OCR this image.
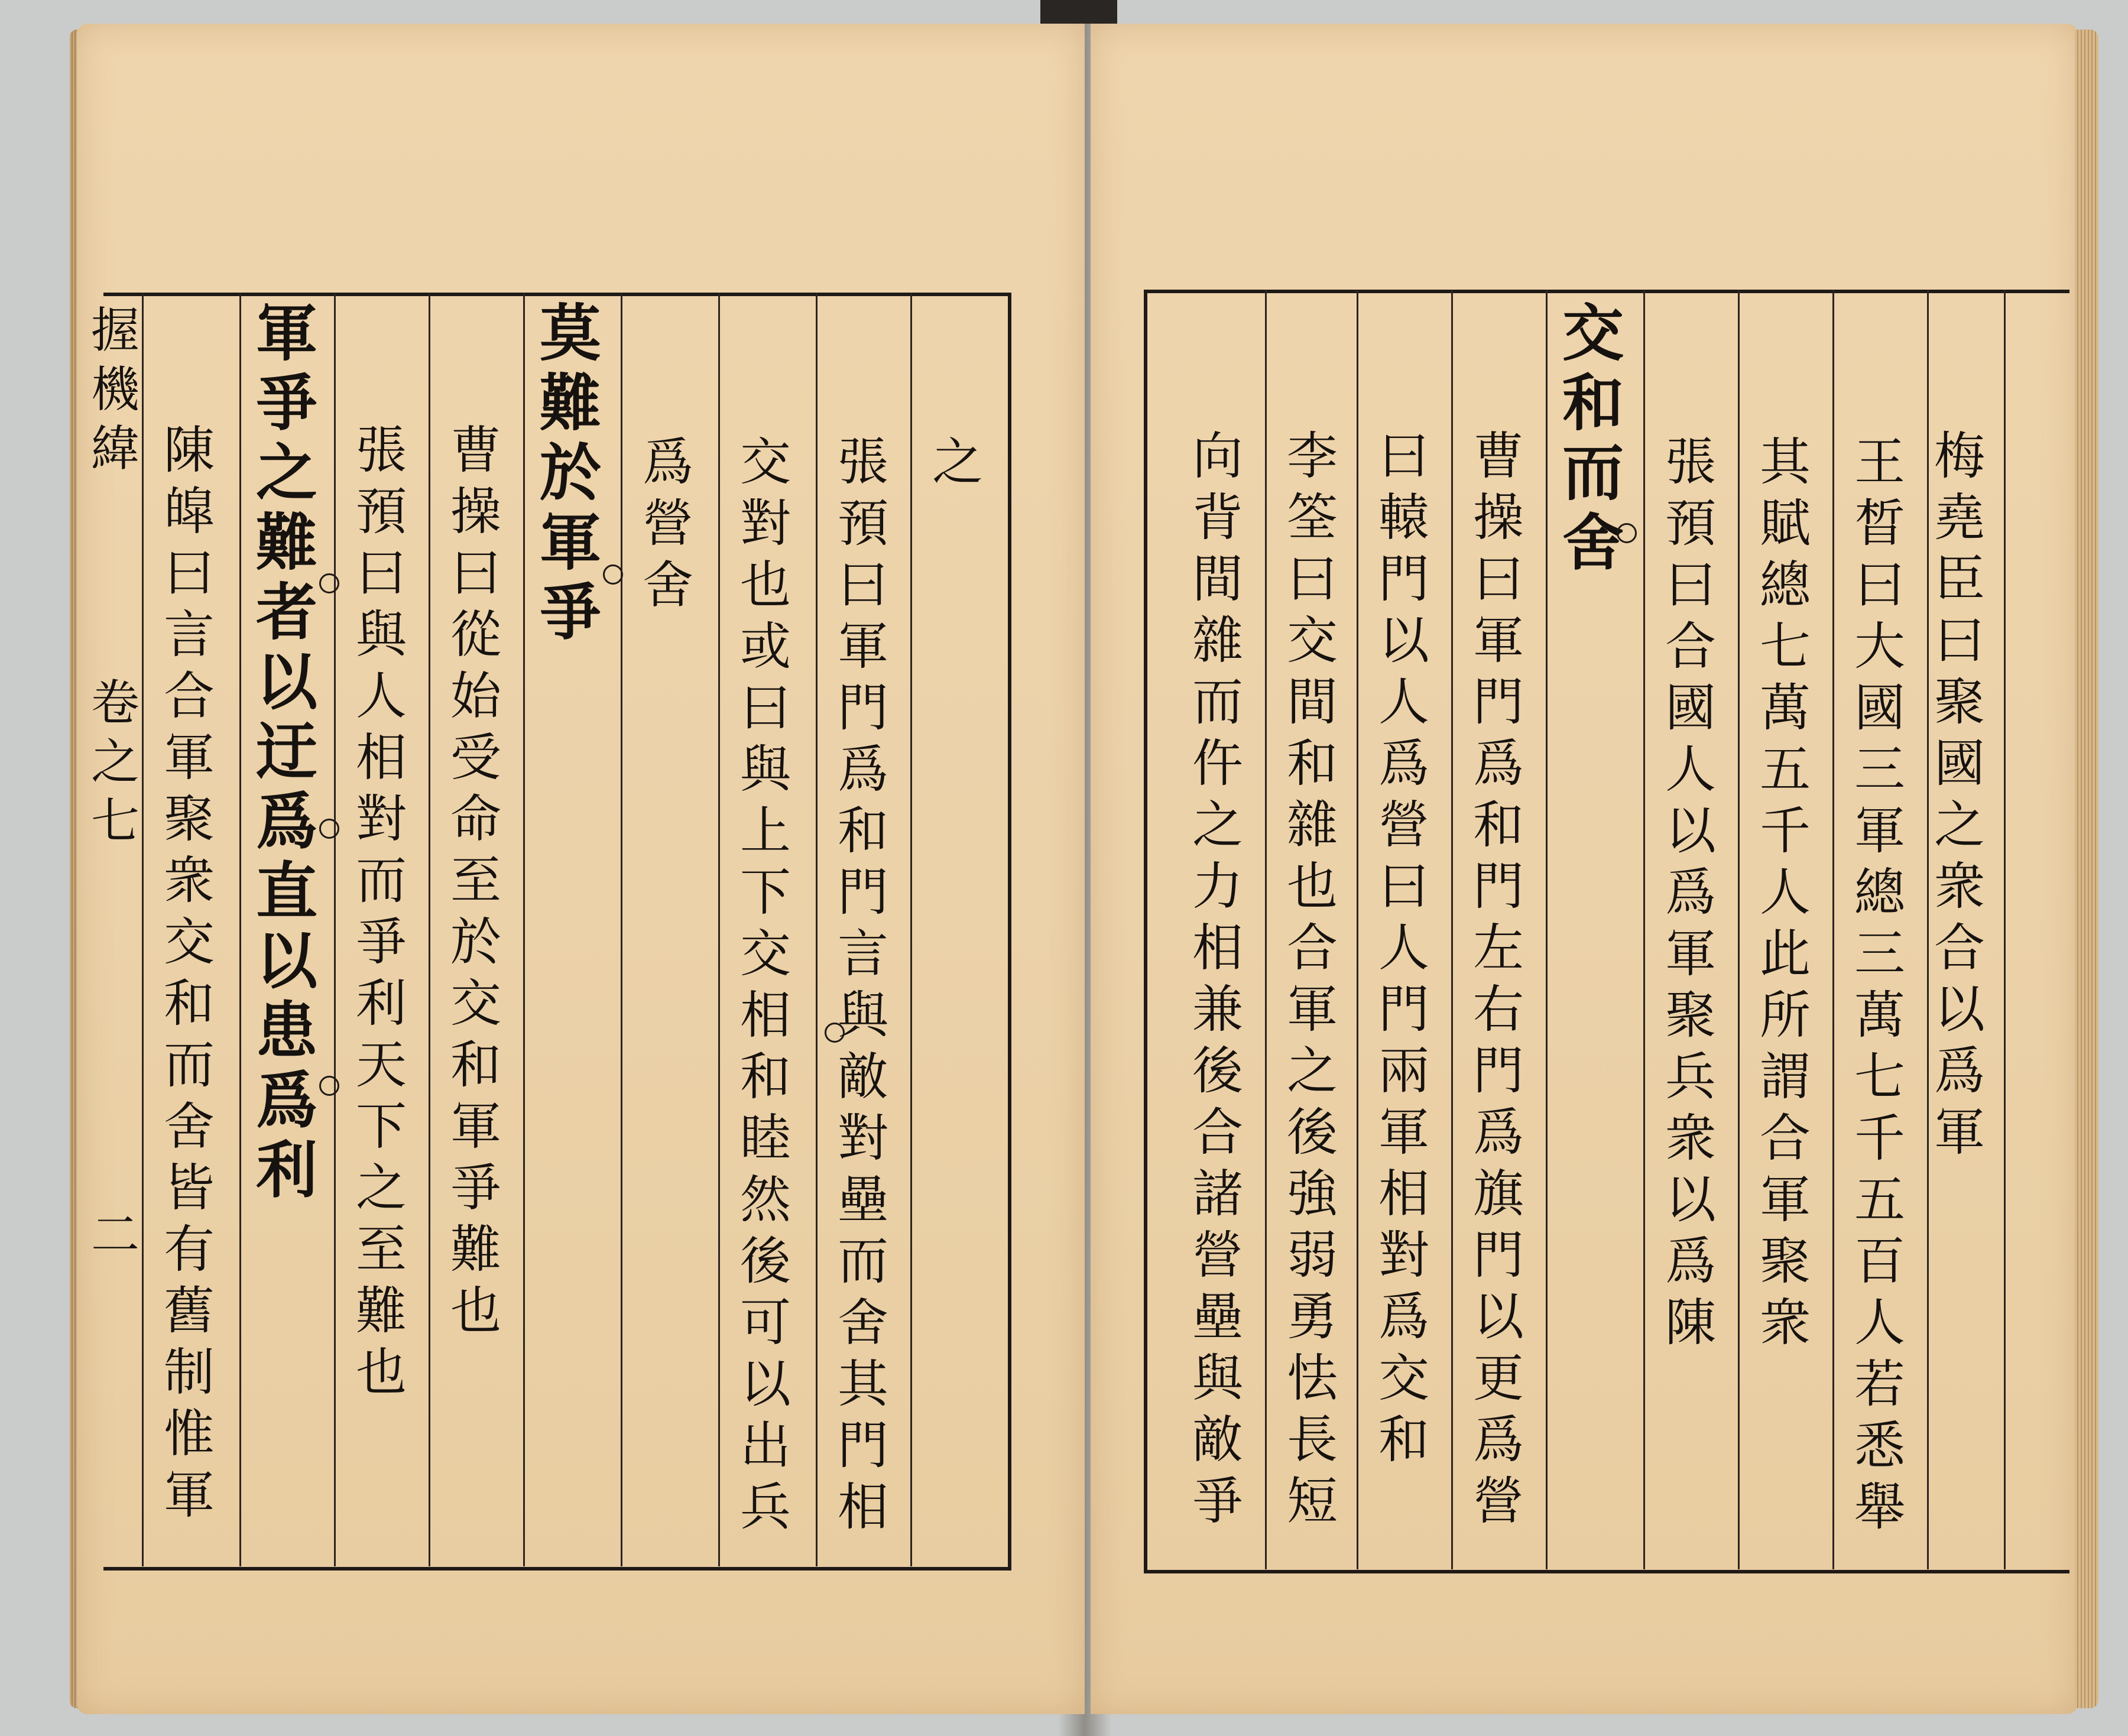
握
機
緯
卷
之
七
二
之
張
預
曰
軍
門
爲
和
門
言
與
敵
對
壘
而
舍
其
門
相
交
對
也
或
曰
與
上
下
交
相
和
睦
然
後
可
以
出
兵
爲
營
舍
莫
難
於
軍
爭
曹
操
曰
從
始
受
命
至
於
交
和
軍
爭
難
也
張
預
曰
與
人
相
對
而
爭
利
天
下
之
至
難
也
軍
爭
之
難
者
以
迂
爲
直
以
患
爲
利
陳
皡
曰
言
合
軍
聚
衆
交
和
而
舍
皆
有
舊
制
惟
軍
梅
堯
臣
曰
聚
國
之
衆
合
以
爲
軍
王
晳
曰
大
國
三
軍
總
三
萬
七
千
五
百
人
若
悉
舉
其
賦
總
七
萬
五
千
人
此
所
謂
合
軍
聚
衆
張
預
曰
合
國
人
以
爲
軍
聚
兵
衆
以
爲
陳
交
和
而
舍
曹
操
曰
軍
門
爲
和
門
左
右
門
爲
旗
門
以
更
爲
營
曰
轅
門
以
人
爲
營
曰
人
門
兩
軍
相
對
爲
交
和
李
筌
曰
交
間
和
雜
也
合
軍
之
後
強
弱
勇
怯
長
短
向
背
間
雜
而
仵
之
力
相
兼
後
合
諸
營
壘
與
敵
爭
